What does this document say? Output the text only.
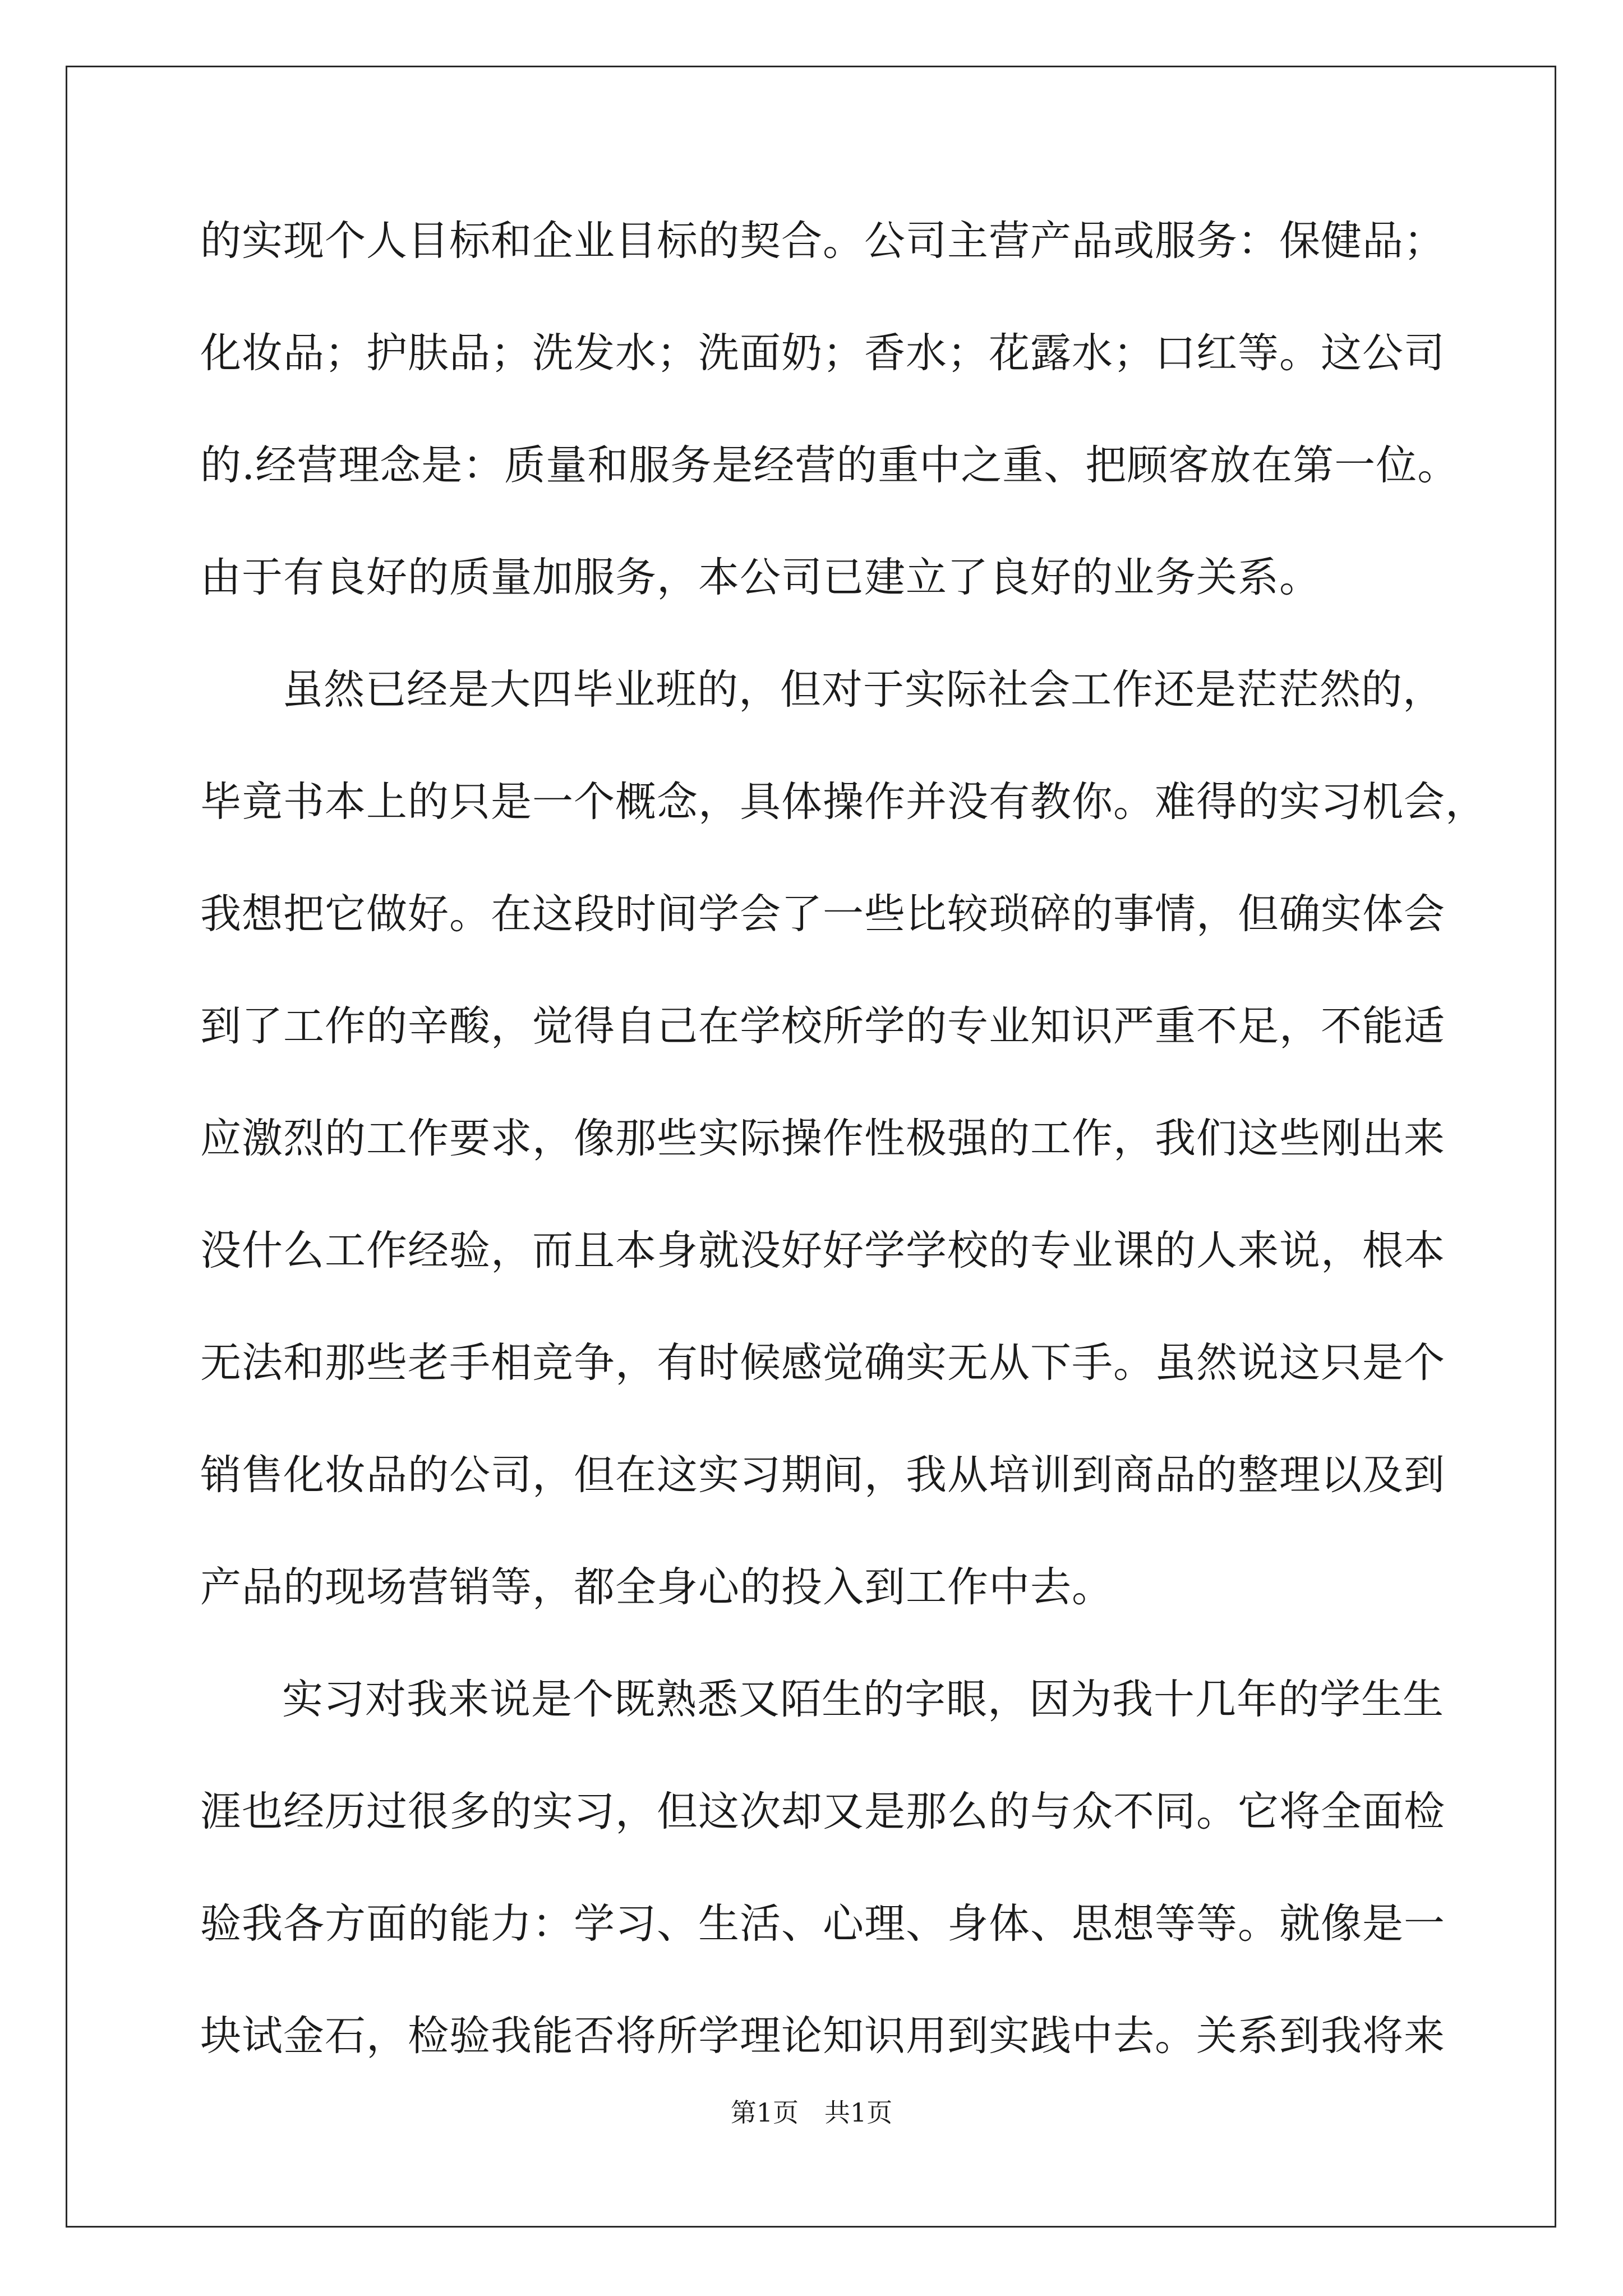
的实现个人目标和企业目标的契合。公司主营产品或服务：保健品；
化妆品；护肤品；洗发水；洗面奶；香水；花露水；口红等。这公司
的.经营理念是：质量和服务是经营的重中之重、把顾客放在第一位。
由于有良好的质量加服务，本公司已建立了良好的业务关系。
虽然已经是大四毕业班的，但对于实际社会工作还是茫茫然的，
毕竟书本上的只是一个概念，具体操作并没有教你。难得的实习机会，
我想把它做好。在这段时间学会了一些比较琐碎的事情，但确实体会
到了工作的辛酸，觉得自己在学校所学的专业知识严重不足，不能适
应激烈的工作要求，像那些实际操作性极强的工作，我们这些刚出来
没什么工作经验，而且本身就没好好学学校的专业课的人来说，根本
无法和那些老手相竞争，有时候感觉确实无从下手。虽然说这只是个
销售化妆品的公司，但在这实习期间，我从培训到商品的整理以及到
产品的现场营销等，都全身心的投入到工作中去。
实习对我来说是个既熟悉又陌生的字眼，因为我十几年的学生生
涯也经历过很多的实习，但这次却又是那么的与众不同。它将全面检
验我各方面的能力：学习、生活、心理、身体、思想等等。就像是一
块试金石，检验我能否将所学理论知识用到实践中去。关系到我将来
第1页　共1页
